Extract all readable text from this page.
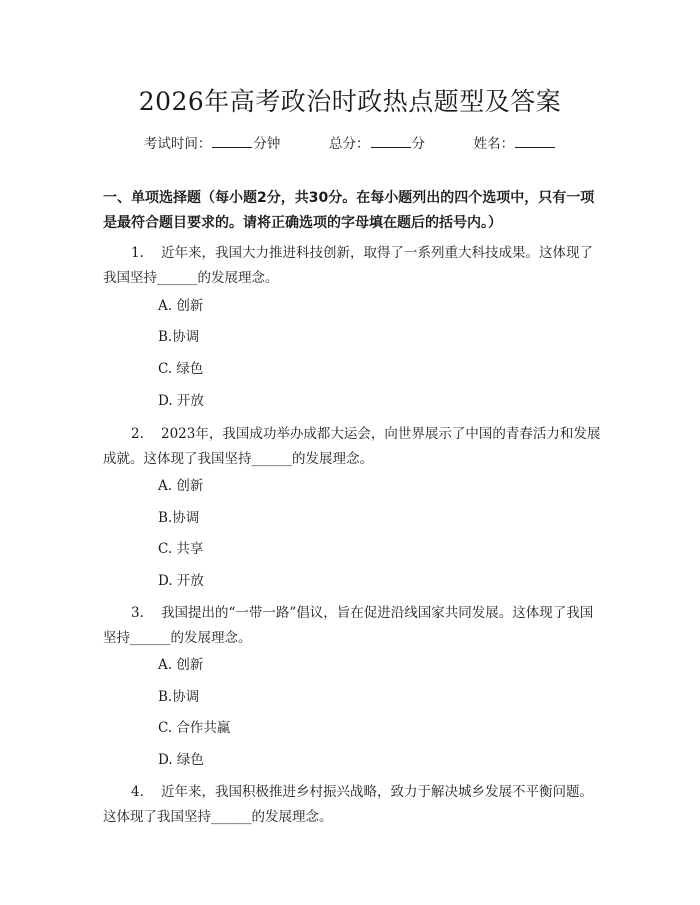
2026年高考政治时政热点题型及答案
考试时间：	分钟	总分：	分	姓名：
一、单项选择题（每小题2分，共30分。在每小题列出的四个选项中，只有一项是最符合题目要求的。请将正确选项的字母填在题后的括号内。）
1. 近年来，我国大力推进科技创新，取得了一系列重大科技成果。这体现了我国坚持______的发展理念。
A. 创新
B.协调
C. 绿色
D. 开放
2. 2023年，我国成功举办成都大运会，向世界展示了中国的青春活力和发展成就。这体现了我国坚持______的发展理念。
A. 创新
B.协调
C. 共享
D. 开放
3. 我国提出的“一带一路”倡议，旨在促进沿线国家共同发展。这体现了我国坚持______的发展理念。
A. 创新
B.协调
C. 合作共赢
D. 绿色
4. 近年来，我国积极推进乡村振兴战略，致力于解决城乡发展不平衡问题。这体现了我国坚持______的发展理念。
